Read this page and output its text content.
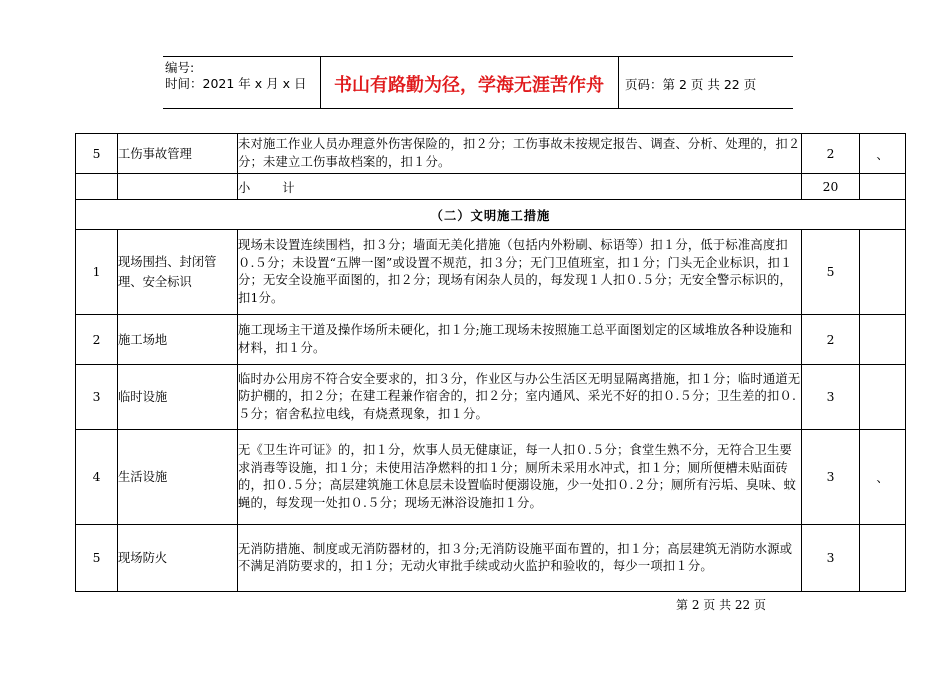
编号:
时间：2021 年 x 月 x 日 书山有路勤为径，学海无涯苦作舟 页码：第 2 页 共 22 页
5	工伤事故管理	未对施工作业人员办理意外伤害保险的，扣２分；工伤事故未按规定报告、调查、分析、处理的，扣２分；未建立工伤事故档案的，扣１分。	2	、
		小 计	20	
（二）文明施工措施				
1	现场围挡、封闭管理、安全标识	现场未设置连续围档，扣３分；墙面无美化措施（包括内外粉刷、标语等）扣１分，低于标准高度扣０.５分；未设置“五牌一图”或设置不规范，扣３分；无门卫值班室，扣１分；门头无企业标识，扣１分；无安全设施平面图的，扣２分；现场有闲杂人员的，每发现１人扣０.５分；无安全警示标识的，扣1分。	5	
2	施工场地	施工现场主干道及操作场所未硬化，扣１分;施工现场未按照施工总平面图划定的区域堆放各种设施和材料，扣１分。	2	
3	临时设施	临时办公用房不符合安全要求的，扣３分，作业区与办公生活区无明显隔离措施，扣１分；临时通道无防护棚的，扣２分；在建工程兼作宿舍的，扣２分；室内通风、采光不好的扣０.５分；卫生差的扣０.５分；宿舍私拉电线，有烧煮现象，扣１分。	3	
4	生活设施	无《卫生许可证》的，扣１分，炊事人员无健康证，每一人扣０.５分；食堂生熟不分，无符合卫生要求消毒等设施，扣１分；未使用洁净燃料的扣１分；厕所未采用水冲式，扣１分；厕所便槽未贴面砖的，扣０.５分；高层建筑施工休息层未设置临时便溺设施，少一处扣０.２分；厕所有污垢、臭味、蚊蝇的，每发现一处扣０.５分；现场无淋浴设施扣１分。	3	、
5	现场防火	无消防措施、制度或无消防器材的，扣３分;无消防设施平面布置的，扣１分；高层建筑无消防水源或不满足消防要求的，扣１分；无动火审批手续或动火监护和验收的，每少一项扣１分。	3	
第 2 页 共 22 页
